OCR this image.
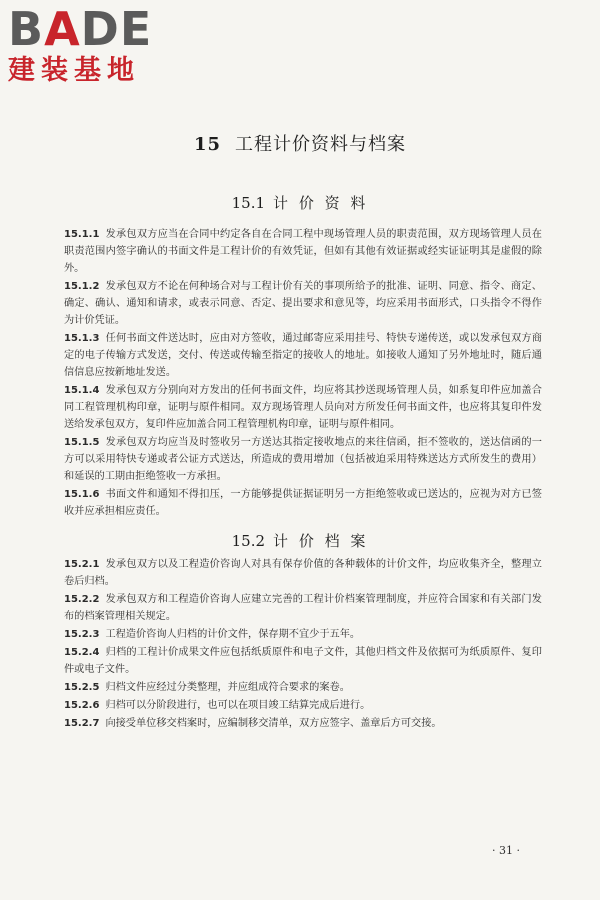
BADE
建装基地
15 工程计价资料与档案
15.1 计 价 资 料

15.1.1 发承包双方应当在合同中约定各自在合同工程中现场管理人员的职责范围，双方现场管理人员在职责范围内签字确认的书面文件是工程计价的有效凭证，但如有其他有效证据或经实证证明其是虚假的除外。

15.1.2 发承包双方不论在何种场合对与工程计价有关的事项所给予的批准、证明、同意、指令、商定、确定、确认、通知和请求，或表示同意、否定、提出要求和意见等，均应采用书面形式，口头指令不得作为计价凭证。

15.1.3 任何书面文件送达时，应由对方签收，通过邮寄应采用挂号、特快专递传送，或以发承包双方商定的电子传输方式发送，交付、传送或传输至指定的接收人的地址。如接收人通知了另外地址时，随后通信信息应按新地址发送。

15.1.4 发承包双方分别向对方发出的任何书面文件，均应将其抄送现场管理人员，如系复印件应加盖合同工程管理机构印章，证明与原件相同。双方现场管理人员向对方所发任何书面文件，也应将其复印件发送给发承包双方，复印件应加盖合同工程管理机构印章，证明与原件相同。

15.1.5 发承包双方均应当及时签收另一方送达其指定接收地点的来往信函，拒不签收的，送达信函的一方可以采用特快专递或者公证方式送达，所造成的费用增加（包括被迫采用特殊送达方式所发生的费用）和延误的工期由拒绝签收一方承担。

15.1.6 书面文件和通知不得扣压，一方能够提供证据证明另一方拒绝签收或已送达的，应视为对方已签收并应承担相应责任。

15.2 计 价 档 案

15.2.1 发承包双方以及工程造价咨询人对具有保存价值的各种载体的计价文件，均应收集齐全，整理立卷后归档。

15.2.2 发承包双方和工程造价咨询人应建立完善的工程计价档案管理制度，并应符合国家和有关部门发布的档案管理相关规定。

15.2.3 工程造价咨询人归档的计价文件，保存期不宜少于五年。

15.2.4 归档的工程计价成果文件应包括纸质原件和电子文件，其他归档文件及依据可为纸质原件、复印件或电子文件。

15.2.5 归档文件应经过分类整理，并应组成符合要求的案卷。

15.2.6 归档可以分阶段进行，也可以在项目竣工结算完成后进行。

15.2.7 向接受单位移交档案时，应编制移交清单，双方应签字、盖章后方可交接。

· 31 ·
